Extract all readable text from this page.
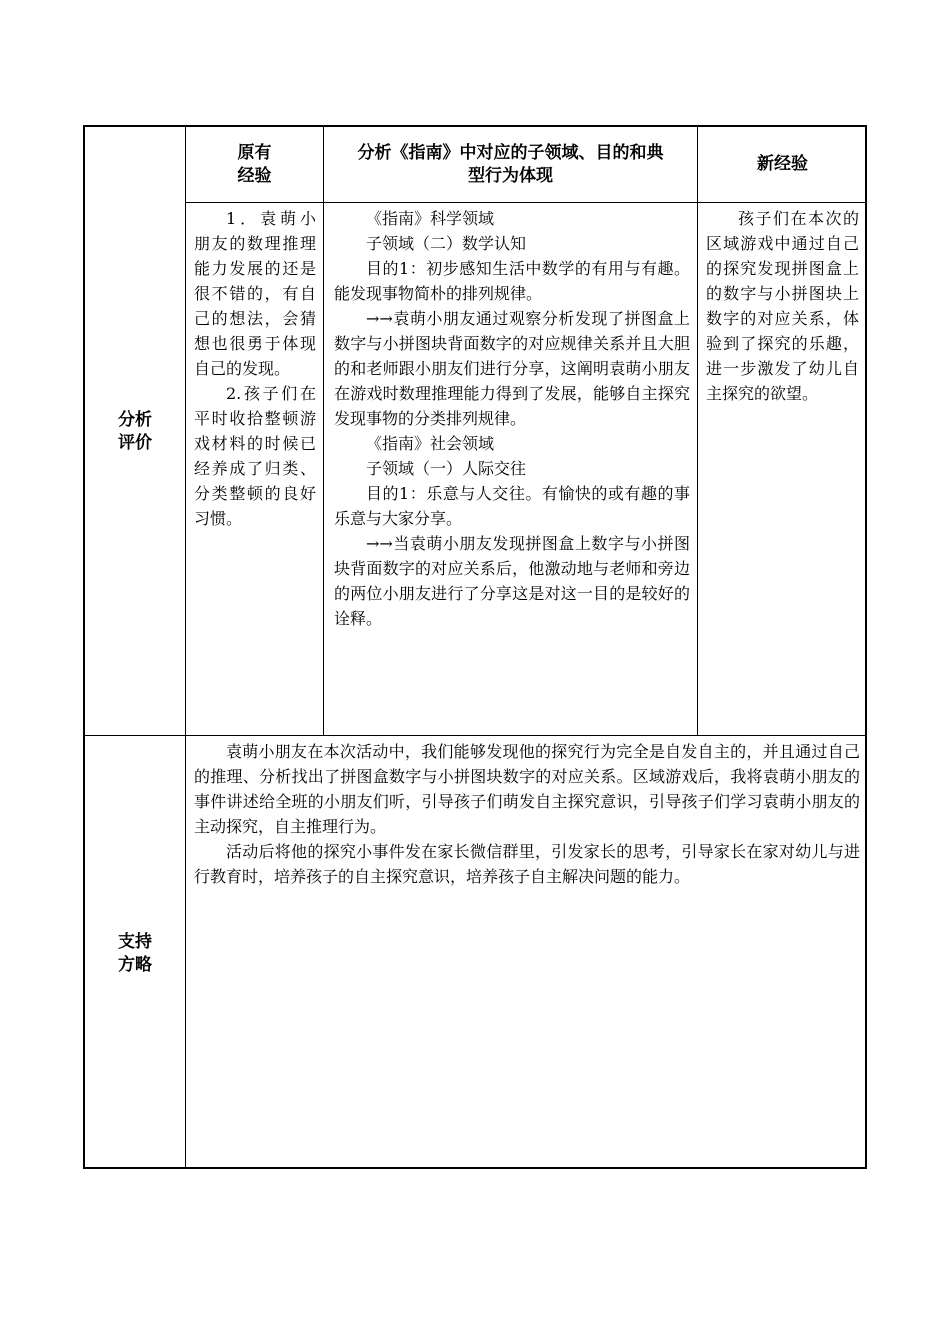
原有
经验
分析《指南》中对应的子领域、目的和典
型行为体现
新经验
分析
评价
支持
方略

1．袁萌小朋友的数理推理能力发展的还是很不错的，有自己的想法，会猜想也很勇于体现自己的发现。

2.孩子们在平时收拾整顿游戏材料的时候已经养成了归类、分类整顿的良好习惯。

《指南》科学领域

子领域（二）数学认知

目的1：初步感知生活中数学的有用与有趣。能发现事物简朴的排列规律。

→→袁萌小朋友通过观察分析发现了拼图盒上数字与小拼图块背面数字的对应规律关系并且大胆的和老师跟小朋友们进行分享，这阐明袁萌小朋友在游戏时数理推理能力得到了发展，能够自主探究发现事物的分类排列规律。

《指南》社会领域

子领域（一）人际交往

目的1：乐意与人交往。有愉快的或有趣的事乐意与大家分享。

→→当袁萌小朋友发现拼图盒上数字与小拼图块背面数字的对应关系后，他激动地与老师和旁边的两位小朋友进行了分享这是对这一目的是较好的诠释。

孩子们在本次的区域游戏中通过自己的探究发现拼图盒上的数字与小拼图块上数字的对应关系，体验到了探究的乐趣，进一步激发了幼儿自主探究的欲望。

袁萌小朋友在本次活动中，我们能够发现他的探究行为完全是自发自主的，并且通过自己的推理、分析找出了拼图盒数字与小拼图块数字的对应关系。区域游戏后，我将袁萌小朋友的事件讲述给全班的小朋友们听，引导孩子们萌发自主探究意识，引导孩子们学习袁萌小朋友的主动探究，自主推理行为。

活动后将他的探究小事件发在家长微信群里，引发家长的思考，引导家长在家对幼儿与进行教育时，培养孩子的自主探究意识，培养孩子自主解决问题的能力。
